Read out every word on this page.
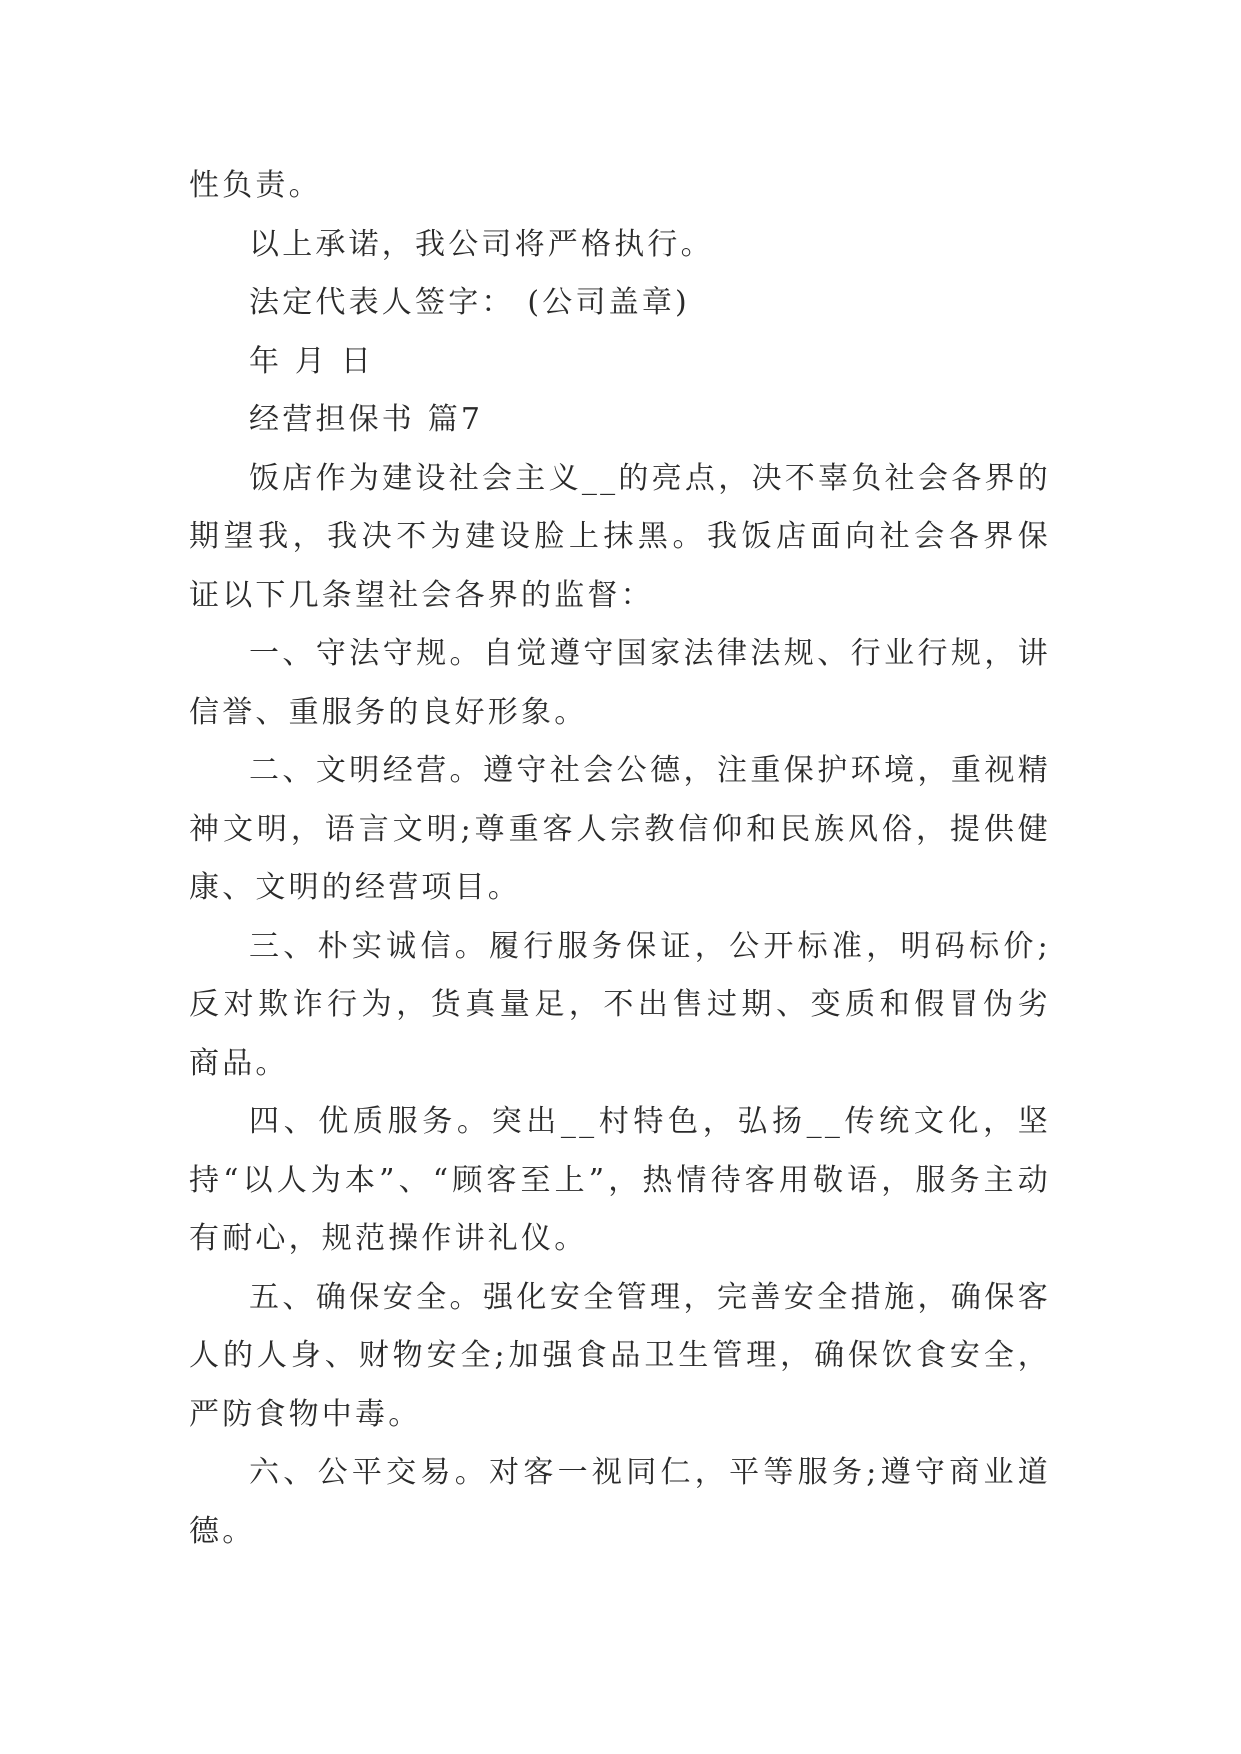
性负责。

以上承诺，我公司将严格执行。

法定代表人签字： (公司盖章)

年 月 日

经营担保书 篇7

饭店作为建设社会主义__的亮点，决不辜负社会各界的期望我，我决不为建设脸上抹黑。我饭店面向社会各界保证以下几条望社会各界的监督：

一、守法守规。自觉遵守国家法律法规、行业行规，讲信誉、重服务的良好形象。

二、文明经营。遵守社会公德，注重保护环境，重视精神文明，语言文明;尊重客人宗教信仰和民族风俗，提供健康、文明的经营项目。

三、朴实诚信。履行服务保证，公开标准，明码标价;反对欺诈行为，货真量足，不出售过期、变质和假冒伪劣商品。

四、优质服务。突出__村特色，弘扬__传统文化，坚持“以人为本”、“顾客至上”，热情待客用敬语，服务主动有耐心，规范操作讲礼仪。

五、确保安全。强化安全管理，完善安全措施，确保客人的人身、财物安全;加强食品卫生管理，确保饮食安全，严防食物中毒。

六、公平交易。对客一视同仁，平等服务;遵守商业道德。
